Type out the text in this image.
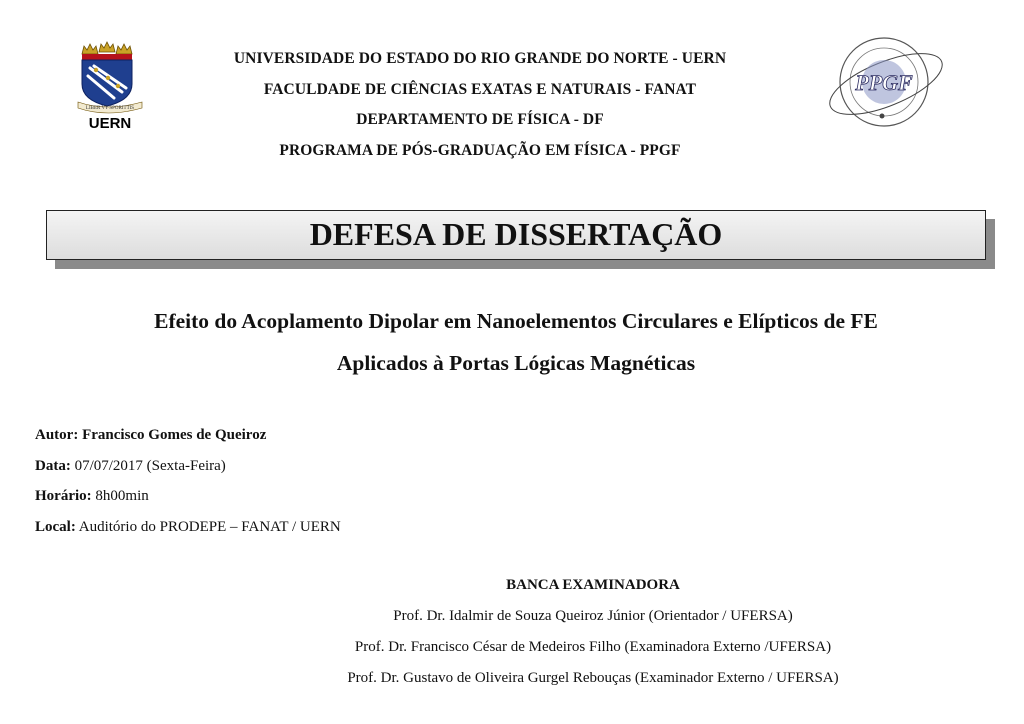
LIBER VT SPORITTIS
UERN
PPGF
UNIVERSIDADE DO ESTADO DO RIO GRANDE DO NORTE - UERN
FACULDADE DE CIÊNCIAS EXATAS E NATURAIS - FANAT
DEPARTAMENTO DE FÍSICA - DF
PROGRAMA DE PÓS-GRADUAÇÃO EM FÍSICA - PPGF
DEFESA DE DISSERTAÇÃO
Efeito do Acoplamento Dipolar em Nanoelementos Circulares e Elípticos de FE
Aplicados à Portas Lógicas Magnéticas
Autor: Francisco Gomes de Queiroz
Data: 07/07/2017 (Sexta-Feira)
Horário: 8h00min
Local: Auditório do PRODEPE – FANAT / UERN
BANCA EXAMINADORA
Prof. Dr. Idalmir de Souza Queiroz Júnior (Orientador / UFERSA)
Prof. Dr. Francisco César de Medeiros Filho (Examinadora Externo /UFERSA)
Prof. Dr. Gustavo de Oliveira Gurgel Rebouças (Examinador Externo / UFERSA)
